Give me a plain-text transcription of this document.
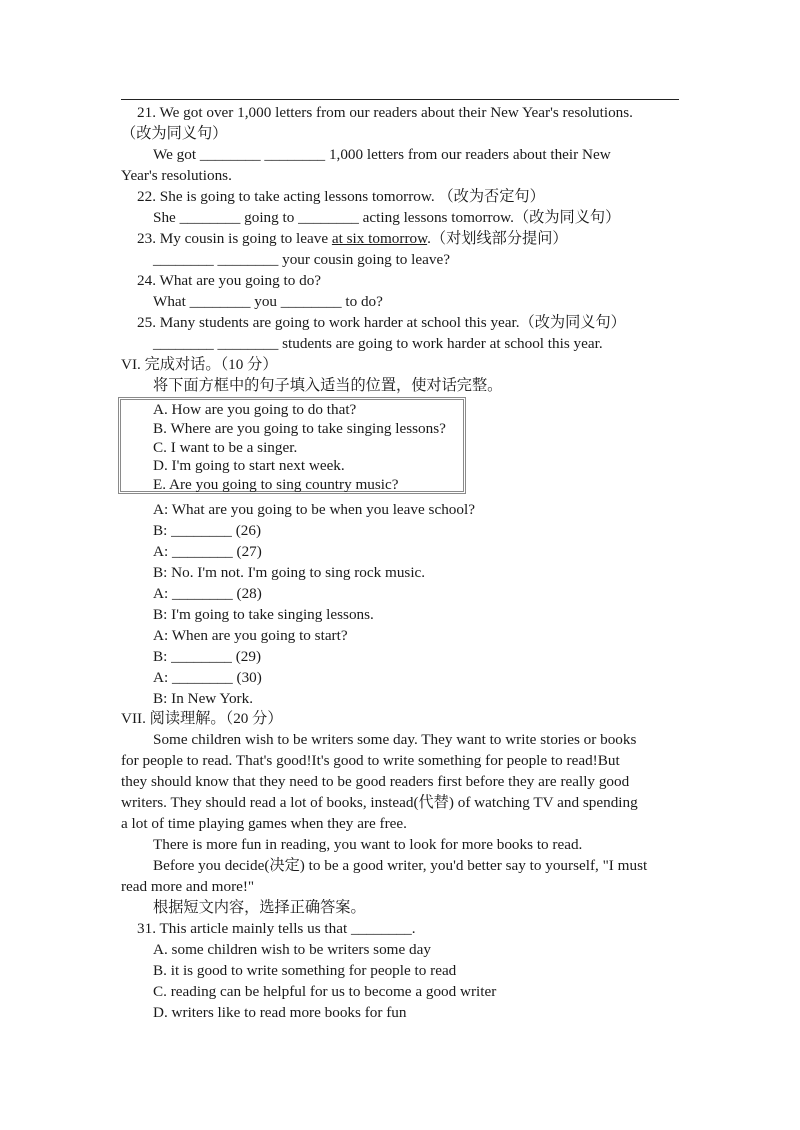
21. We got over 1,000 letters from our readers about their New Year's resolutions.
（改为同义句）
We got ________ ________ 1,000 letters from our readers about their New
Year's resolutions.
22. She is going to take acting lessons tomorrow. （改为否定句）
She ________ going to ________ acting lessons tomorrow.（改为同义句）
23. My cousin is going to leave at six tomorrow.（对划线部分提问）
________ ________ your cousin going to leave?
24. What are you going to do?
What ________ you ________ to do?
25. Many students are going to work harder at school this year.（改为同义句）
________ ________ students are going to work harder at school this year.
VI. 完成对话。（10 分）
将下面方框中的句子填入适当的位置，使对话完整。
A. How are you going to do that?
B. Where are you going to take singing lessons?
C. I want to be a singer.
D. I'm going to start next week.
E. Are you going to sing country music?
A: What are you going to be when you leave school?
B: ________ (26)
A: ________ (27)
B: No. I'm not. I'm going to sing rock music.
A: ________ (28)
B: I'm going to take singing lessons.
A: When are you going to start?
B: ________ (29)
A: ________ (30)
B: In New York.
VII. 阅读理解。（20 分）
Some children wish to be writers some day. They want to write stories or books
for people to read. That's good!It's good to write something for people to read!But
they should know that they need to be good readers first before they are really good
writers. They should read a lot of books, instead(代替) of watching TV and spending
a lot of time playing games when they are free.
There is more fun in reading, you want to look for more books to read.
Before you decide(决定) to be a good writer, you'd better say to yourself, "I must
read more and more!"
根据短文内容，选择正确答案。
31. This article mainly tells us that ________.
A. some children wish to be writers some day
B. it is good to write something for people to read
C. reading can be helpful for us to become a good writer
D. writers like to read more books for fun
